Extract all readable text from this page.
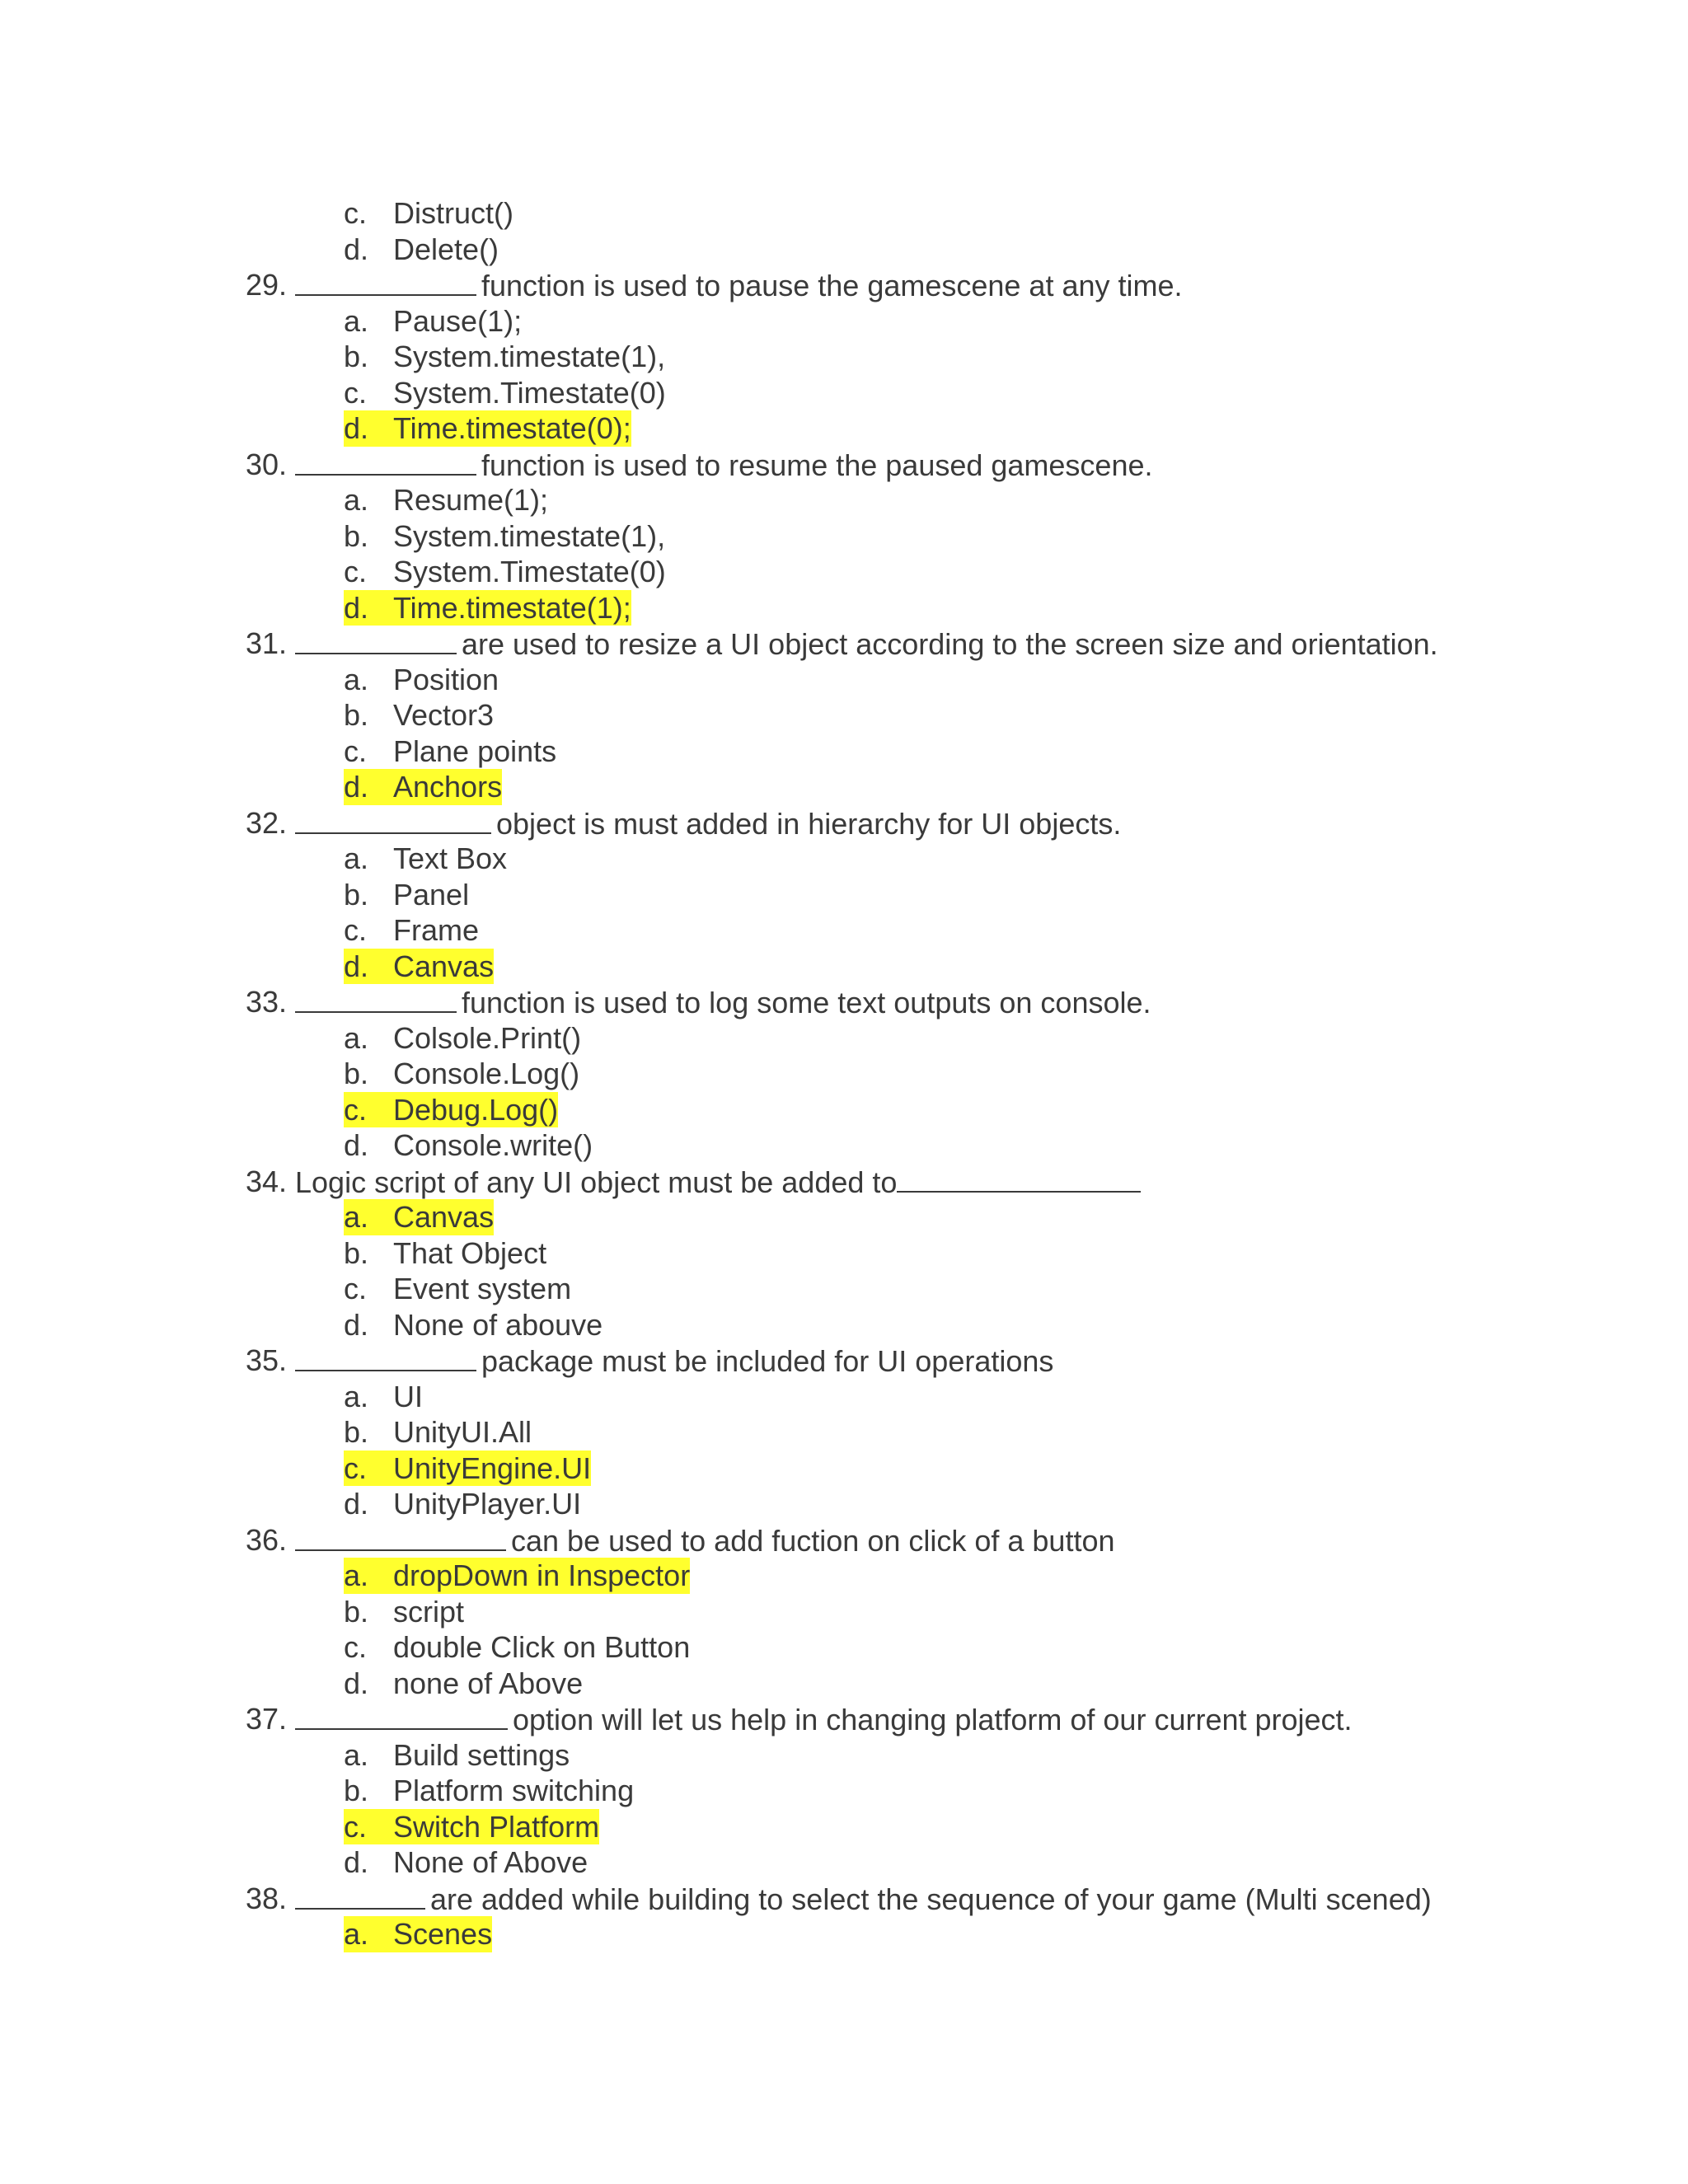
c. Distruct()
d. Delete()
29.	function is used to pause the gamescene at any time.
a. Pause(1);
b. System.timestate(1),
c. System.Timestate(0)
d. Time.timestate(0);
30.	function is used to resume the paused gamescene.
a. Resume(1);
b. System.timestate(1),
c. System.Timestate(0)
d. Time.timestate(1);
31.	are used to resize a UI object according to the screen size and orientation.
a. Position
b. Vector3
c. Plane points
d. Anchors
32.	object is must added in hierarchy for UI objects.
a. Text Box
b. Panel
c. Frame
d. Canvas
33.	function is used to log some text outputs on console.
a. Colsole.Print()
b. Console.Log()
c. Debug.Log()
d. Console.write()
34. Logic script of any UI object must be added to
a. Canvas
b. That Object
c. Event system
d. None of abouve
35.	package must be included for UI operations
a. UI
b. UnityUI.All
c. UnityEngine.UI
d. UnityPlayer.UI
36.	can be used to add fuction on click of a button
a. dropDown in Inspector
b. script
c. double Click on Button
d. none of Above
37.	option will let us help in changing platform of our current project.
a. Build settings
b. Platform switching
c. Switch Platform
d. None of Above
38.	are added while building to select the sequence of your game (Multi scened)
a. Scenes
